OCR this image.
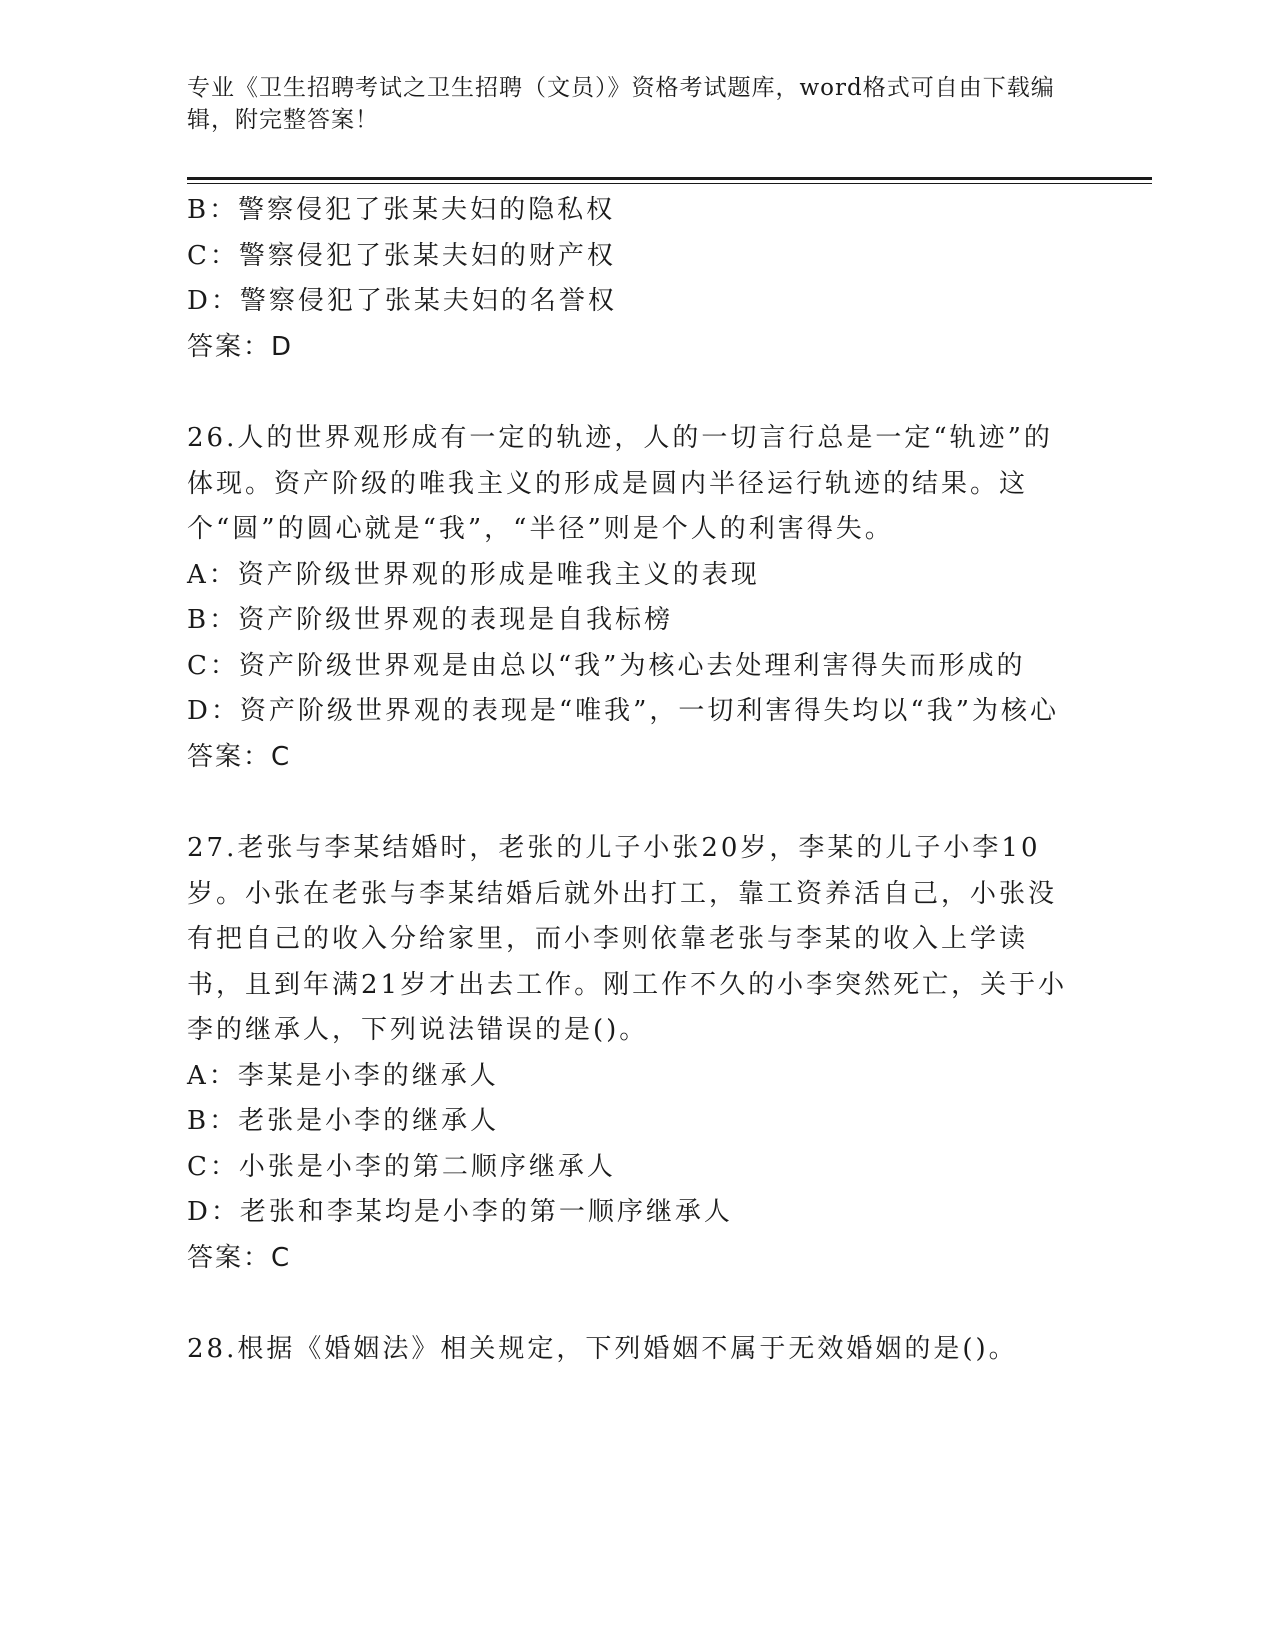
专业《卫生招聘考试之卫生招聘（文员）》资格考试题库，word格式可自由下载编辑，附完整答案！
B：警察侵犯了张某夫妇的隐私权
C：警察侵犯了张某夫妇的财产权
D：警察侵犯了张某夫妇的名誉权
答案：D
26.人的世界观形成有一定的轨迹，人的一切言行总是一定“轨迹”的体现。资产阶级的唯我主义的形成是圆内半径运行轨迹的结果。这个“圆”的圆心就是“我”，“半径”则是个人的利害得失。
A：资产阶级世界观的形成是唯我主义的表现
B：资产阶级世界观的表现是自我标榜
C：资产阶级世界观是由总以“我”为核心去处理利害得失而形成的
D：资产阶级世界观的表现是“唯我”，一切利害得失均以“我”为核心
答案：C
27.老张与李某结婚时，老张的儿子小张20岁，李某的儿子小李10岁。小张在老张与李某结婚后就外出打工，靠工资养活自己，小张没有把自己的收入分给家里，而小李则依靠老张与李某的收入上学读书，且到年满21岁才出去工作。刚工作不久的小李突然死亡，关于小李的继承人，下列说法错误的是()。
A：李某是小李的继承人
B：老张是小李的继承人
C：小张是小李的第二顺序继承人
D：老张和李某均是小李的第一顺序继承人
答案：C
28.根据《婚姻法》相关规定，下列婚姻不属于无效婚姻的是()。
